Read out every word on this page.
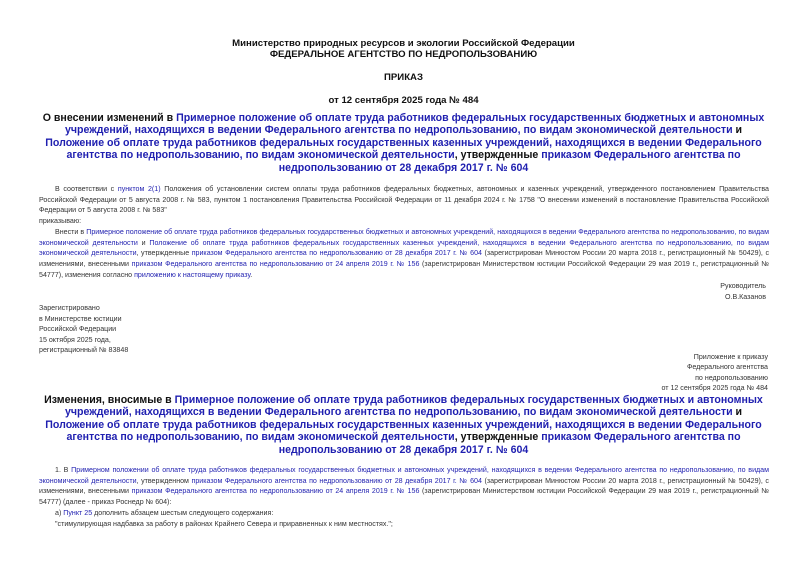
Министерство природных ресурсов и экологии Российской Федерации
ФЕДЕРАЛЬНОЕ АГЕНТСТВО ПО НЕДРОПОЛЬЗОВАНИЮ
ПРИКАЗ
от 12 сентября 2025 года № 484
О внесении изменений в Примерное положение об оплате труда работников федеральных государственных бюджетных и автономных учреждений, находящихся в ведении Федерального агентства по недропользованию, по видам экономической деятельности и Положение об оплате труда работников федеральных государственных казенных учреждений, находящихся в ведении Федерального агентства по недропользованию, по видам экономической деятельности, утвержденные приказом Федерального агентства по недропользованию от 28 декабря 2017 г. № 604
В соответствии с пунктом 2(1) Положения об установлении систем оплаты труда работников федеральных бюджетных, автономных и казенных учреждений, утвержденного постановлением Правительства Российской Федерации от 5 августа 2008 г. № 583, пунктом 1 постановления Правительства Российской Федерации от 11 декабря 2024 г. № 1758 "О внесении изменений в постановление Правительства Российской Федерации от 5 августа 2008 г. № 583"
приказываю:
Внести в Примерное положение об оплате труда работников федеральных государственных бюджетных и автономных учреждений, находящихся в ведении Федерального агентства по недропользованию, по видам экономической деятельности и Положение об оплате труда работников федеральных государственных казенных учреждений, находящихся в ведении Федерального агентства по недропользованию, по видам экономической деятельности, утвержденные приказом Федерального агентства по недропользованию от 28 декабря 2017 г. № 604 (зарегистрирован Минюстом России 20 марта 2018 г., регистрационный № 50429), с изменениями, внесенными приказом Федерального агентства по недропользованию от 24 апреля 2019 г. № 156 (зарегистрирован Министерством юстиции Российской Федерации 29 мая 2019 г., регистрационный № 54777), изменения согласно приложению к настоящему приказу.
Руководитель
О.В.Казанов
Зарегистрировано
в Министерстве юстиции
Российской Федерации
15 октября 2025 года,
регистрационный № 83848
Приложение к приказу
Федерального агентства
по недропользованию
от 12 сентября 2025 года № 484
Изменения, вносимые в Примерное положение об оплате труда работников федеральных государственных бюджетных и автономных учреждений, находящихся в ведении Федерального агентства по недропользованию, по видам экономической деятельности и Положение об оплате труда работников федеральных государственных казенных учреждений, находящихся в ведении Федерального агентства по недропользованию, по видам экономической деятельности, утвержденные приказом Федерального агентства по недропользованию от 28 декабря 2017 г. № 604
1. В Примерном положении об оплате труда работников федеральных государственных бюджетных и автономных учреждений, находящихся в ведении Федерального агентства по недропользованию, по видам экономической деятельности, утвержденном приказом Федерального агентства по недропользованию от 28 декабря 2017 г. № 604 (зарегистрирован Минюстом России 20 марта 2018 г., регистрационный № 50429), с изменениями, внесенными приказом Федерального агентства по недропользованию от 24 апреля 2019 г. № 156 (зарегистрирован Министерством юстиции Российской Федерации 29 мая 2019 г., регистрационный № 54777) (далее - приказ Роснедр № 604):
а) Пункт 25 дополнить абзацем шестым следующего содержания:
"стимулирующая надбавка за работу в районах Крайнего Севера и приравненных к ним местностях.";
